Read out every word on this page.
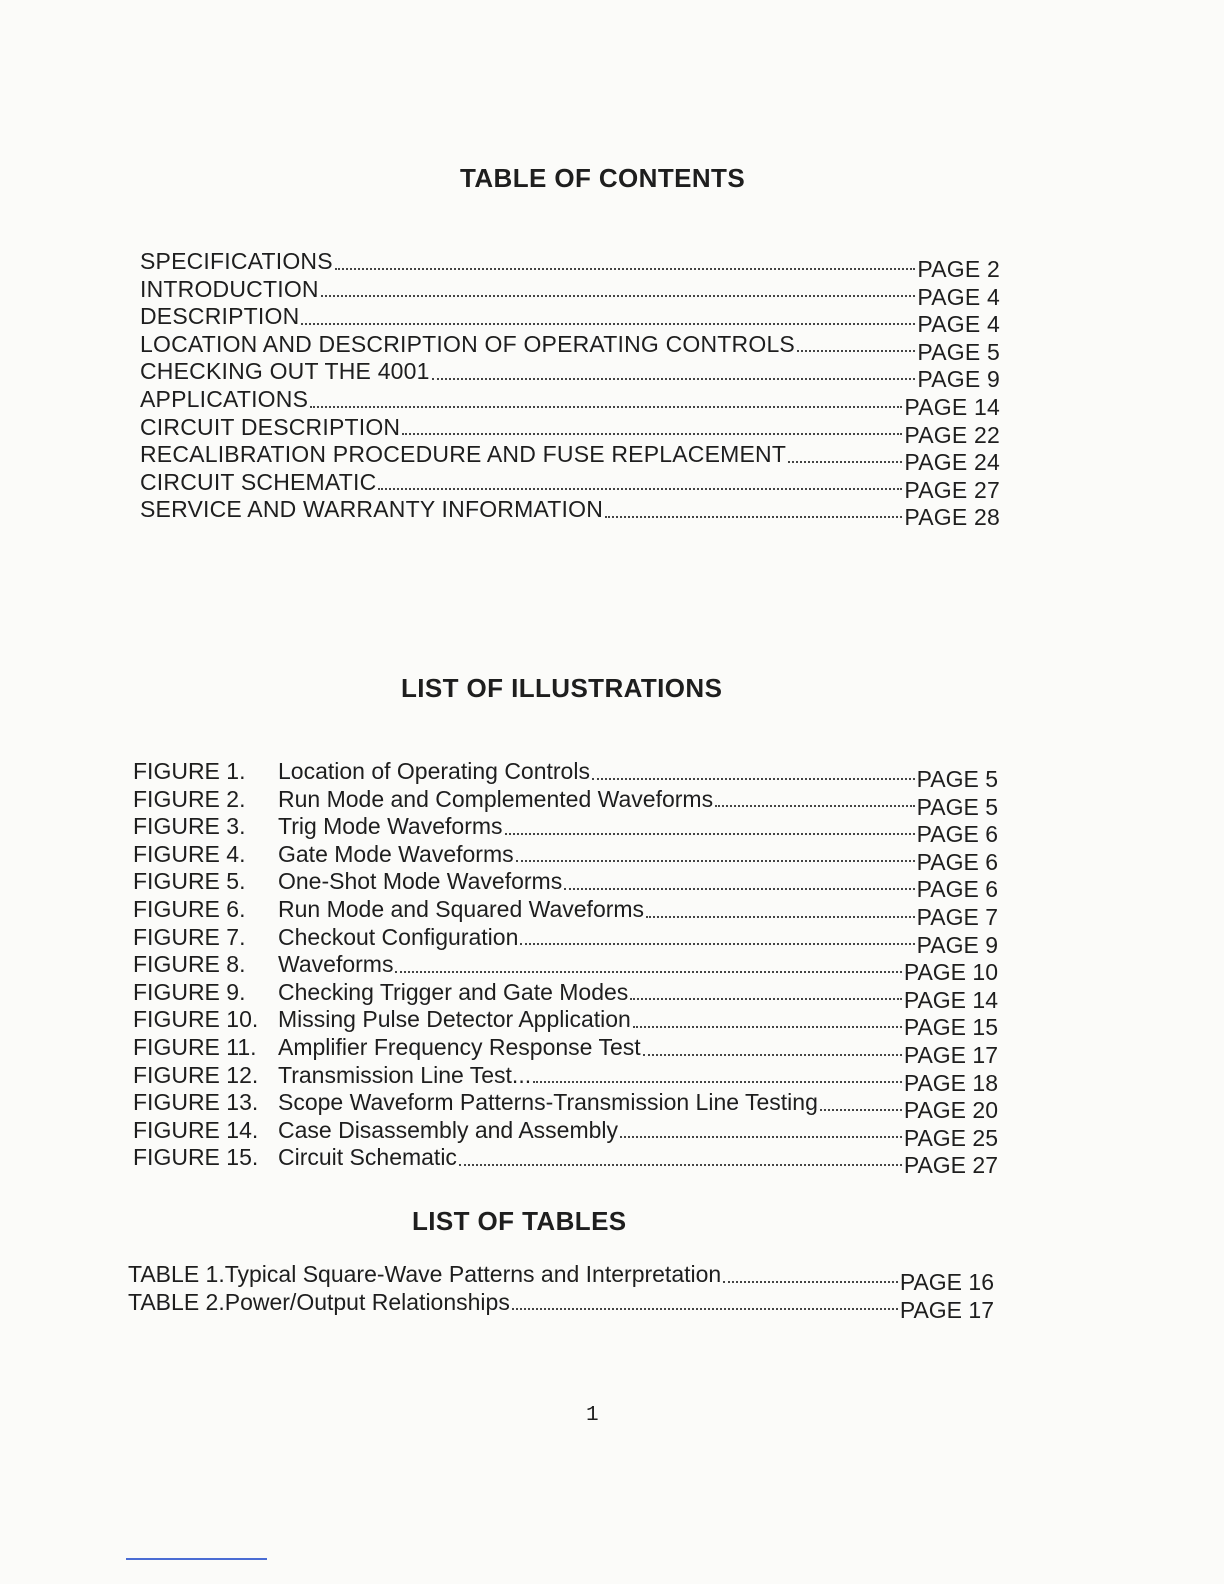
TABLE OF CONTENTS
SPECIFICATIONS	PAGE 2
INTRODUCTION	PAGE 4
DESCRIPTION	PAGE 4
LOCATION AND DESCRIPTION OF OPERATING CONTROLS	PAGE 5
CHECKING OUT THE 4001	PAGE 9
APPLICATIONS	PAGE 14
CIRCUIT DESCRIPTION	PAGE 22
RECALIBRATION PROCEDURE AND FUSE REPLACEMENT	PAGE 24
CIRCUIT SCHEMATIC	PAGE 27
SERVICE AND WARRANTY INFORMATION	PAGE 28
LIST OF ILLUSTRATIONS
FIGURE 1.	Location of Operating Controls	PAGE 5
FIGURE 2.	Run Mode and Complemented Waveforms	PAGE 5
FIGURE 3.	Trig Mode Waveforms	PAGE 6
FIGURE 4.	Gate Mode Waveforms	PAGE 6
FIGURE 5.	One-Shot Mode Waveforms	PAGE 6
FIGURE 6.	Run Mode and Squared Waveforms	PAGE 7
FIGURE 7.	Checkout Configuration	PAGE 9
FIGURE 8.	Waveforms	PAGE 10
FIGURE 9.	Checking Trigger and Gate Modes	PAGE 14
FIGURE 10. Missing Pulse Detector Application	PAGE 15
FIGURE 11. Amplifier Frequency Response Test	PAGE 17
FIGURE 12. Transmission Line Test...	PAGE 18
FIGURE 13. Scope Waveform Patterns-Transmission Line Testing	PAGE 20
FIGURE 14. Case Disassembly and Assembly	PAGE 25
FIGURE 15. Circuit Schematic	PAGE 27
LIST OF TABLES
TABLE 1. Typical Square-Wave Patterns and Interpretation	PAGE 16
TABLE 2. Power/Output Relationships	PAGE 17
1
